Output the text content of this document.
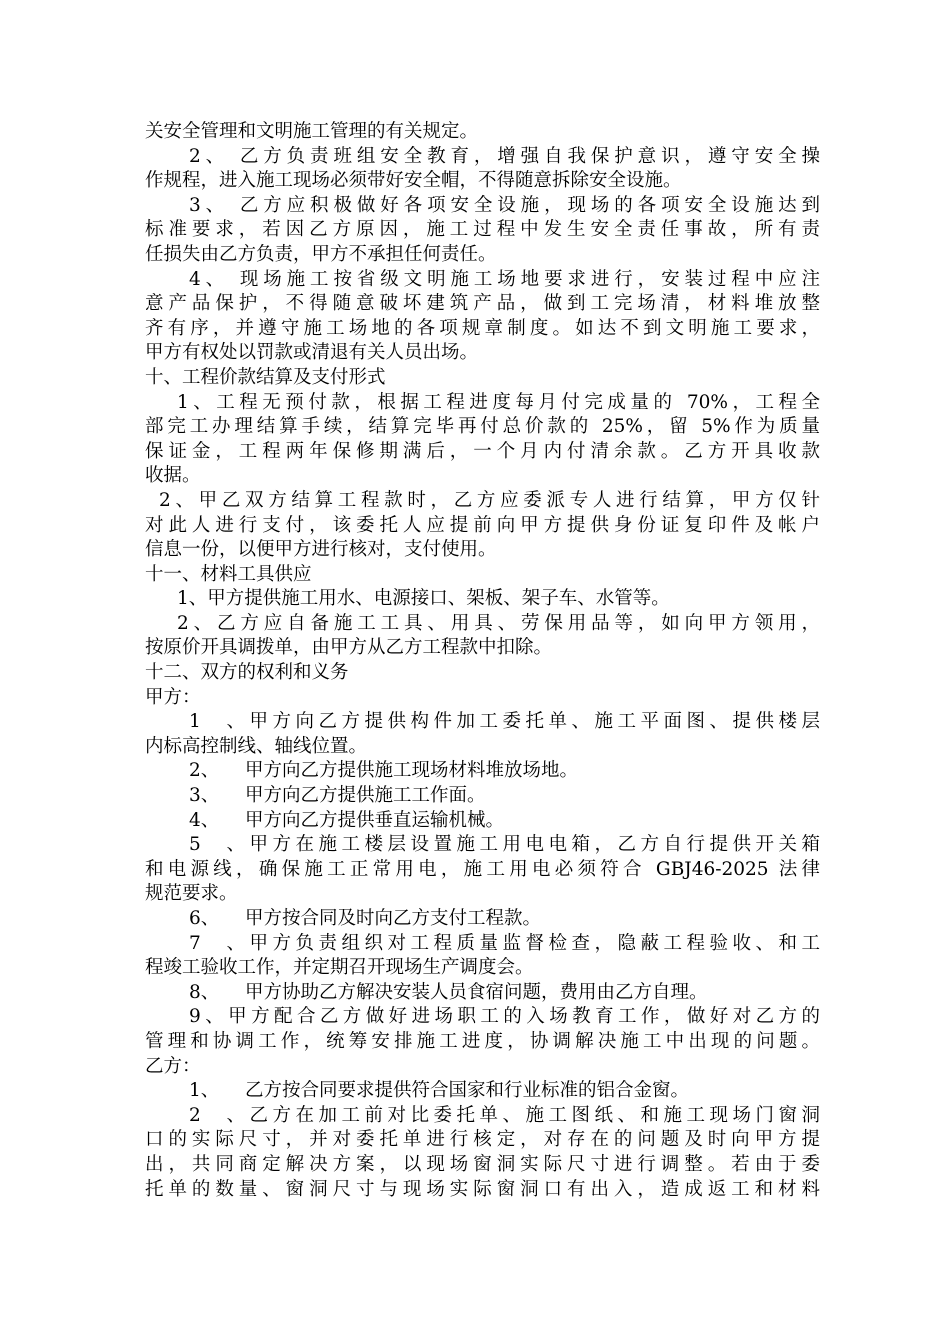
关安全管理和文明施工管理的有关规定。
2、 乙方负责班组安全教育，增强自我保护意识，遵守安全操
作规程，进入施工现场必须带好安全帽，不得随意拆除安全设施。
3、 乙方应积极做好各项安全设施，现场的各项安全设施达到
标准要求，若因乙方原因，施工过程中发生安全责任事故，所有责
任损失由乙方负责，甲方不承担任何责任。
4、 现场施工按省级文明施工场地要求进行，安装过程中应注
意产品保护，不得随意破坏建筑产品，做到工完场清，材料堆放整
齐有序，并遵守施工场地的各项规章制度。如达不到文明施工要求，
甲方有权处以罚款或清退有关人员出场。
十、工程价款结算及支付形式
1、工程无预付款，根据工程进度每月付完成量的 70%，工程全
部完工办理结算手续，结算完毕再付总价款的 25%，留 5%作为质量
保证金，工程两年保修期满后，一个月内付清余款。乙方开具收款
收据。
2、甲乙双方结算工程款时，乙方应委派专人进行结算，甲方仅针
对此人进行支付，该委托人应提前向甲方提供身份证复印件及帐户
信息一份，以便甲方进行核对，支付使用。
十一、材料工具供应
1、甲方提供施工用水、电源接口、架板、架子车、水管等。
2、乙方应自备施工工具、用具、劳保用品等，如向甲方领用，
按原价开具调拨单，由甲方从乙方工程款中扣除。
十二、双方的权利和义务
甲方：
1、甲方向乙方提供构件加工委托单、施工平面图、提供楼层
内标高控制线、轴线位置。
2、 甲方向乙方提供施工现场材料堆放场地。
3、 甲方向乙方提供施工工作面。
4、 甲方向乙方提供垂直运输机械。
5、甲方在施工楼层设置施工用电电箱，乙方自行提供开关箱
和电源线，确保施工正常用电，施工用电必须符合 GBJ46-2025 法律
规范要求。
6、 甲方按合同及时向乙方支付工程款。
7、甲方负责组织对工程质量监督检查，隐蔽工程验收、和工
程竣工验收工作，并定期召开现场生产调度会。
8、 甲方协助乙方解决安装人员食宿问题，费用由乙方自理。
9、甲方配合乙方做好进场职工的入场教育工作，做好对乙方的
管理和协调工作，统筹安排施工进度，协调解决施工中出现的问题。
乙方：
1、 乙方按合同要求提供符合国家和行业标准的铝合金窗。
2、乙方在加工前对比委托单、施工图纸、和施工现场门窗洞
口的实际尺寸，并对委托单进行核定，对存在的问题及时向甲方提
出，共同商定解决方案，以现场窗洞实际尺寸进行调整。若由于委
托单的数量、窗洞尺寸与现场实际窗洞口有出入，造成返工和材料
